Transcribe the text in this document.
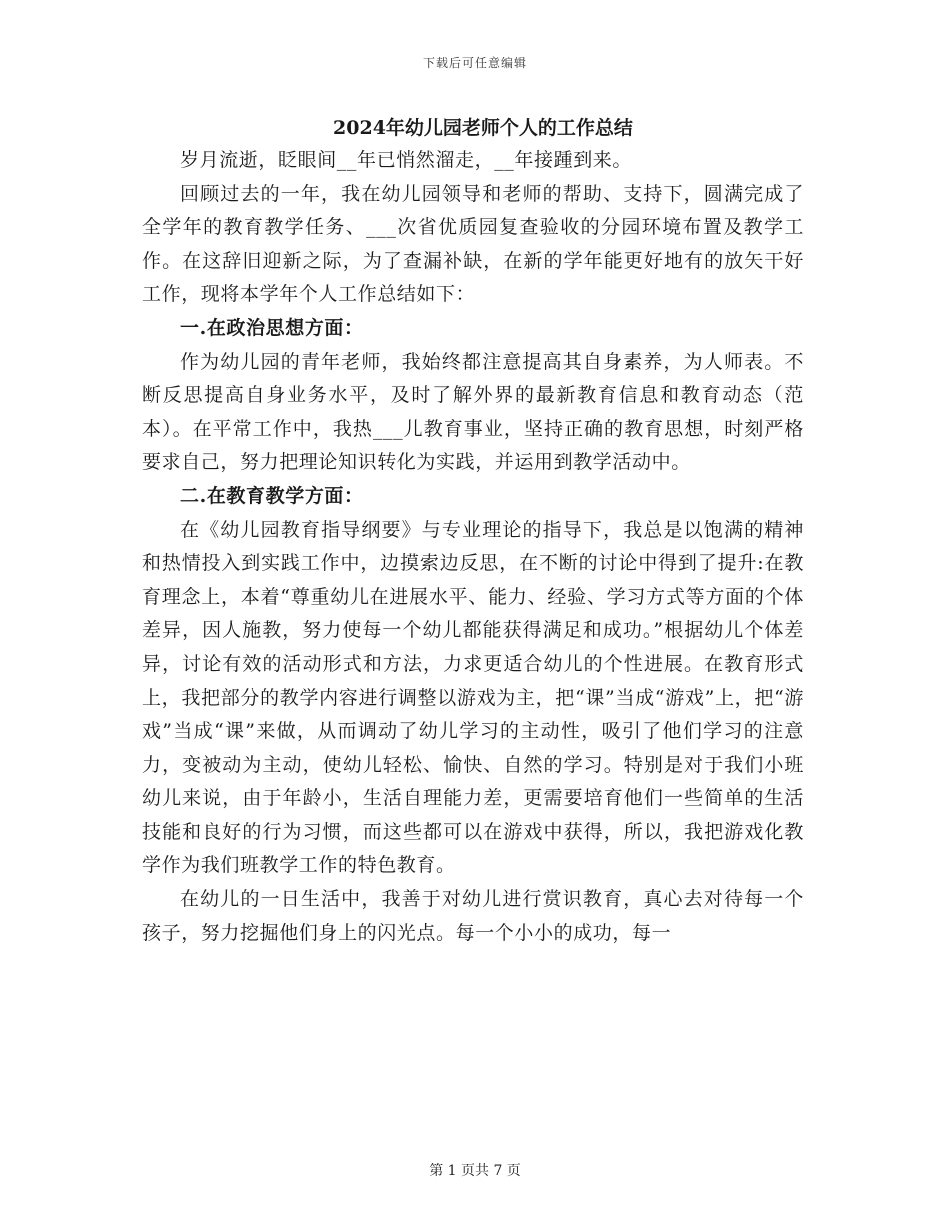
下载后可任意编辑
2024年幼儿园老师个人的工作总结

岁月流逝，眨眼间__年已悄然溜走，__年接踵到来。

回顾过去的一年，我在幼儿园领导和老师的帮助、支持下，圆满完成了全学年的教育教学任务、___次省优质园复查验收的分园环境布置及教学工作。在这辞旧迎新之际，为了查漏补缺，在新的学年能更好地有的放矢干好工作，现将本学年个人工作总结如下：

一.在政治思想方面：

作为幼儿园的青年老师，我始终都注意提高其自身素养，为人师表。不断反思提高自身业务水平，及时了解外界的最新教育信息和教育动态（范本）。在平常工作中，我热___儿教育事业，坚持正确的教育思想，时刻严格要求自己，努力把理论知识转化为实践，并运用到教学活动中。

二.在教育教学方面：

在《幼儿园教育指导纲要》与专业理论的指导下，我总是以饱满的精神和热情投入到实践工作中，边摸索边反思，在不断的讨论中得到了提升:在教育理念上，本着“尊重幼儿在进展水平、能力、经验、学习方式等方面的个体差异，因人施教，努力使每一个幼儿都能获得满足和成功。”根据幼儿个体差异，讨论有效的活动形式和方法，力求更适合幼儿的个性进展。在教育形式上，我把部分的教学内容进行调整以游戏为主，把“课”当成“游戏”上，把“游戏”当成“课”来做，从而调动了幼儿学习的主动性，吸引了他们学习的注意力，变被动为主动，使幼儿轻松、愉快、自然的学习。特别是对于我们小班幼儿来说，由于年龄小，生活自理能力差，更需要培育他们一些简单的生活技能和良好的行为习惯，而这些都可以在游戏中获得，所以，我把游戏化教学作为我们班教学工作的特色教育。

在幼儿的一日生活中，我善于对幼儿进行赏识教育，真心去对待每一个孩子，努力挖掘他们身上的闪光点。每一个小小的成功，每一

第 1 页共 7 页
